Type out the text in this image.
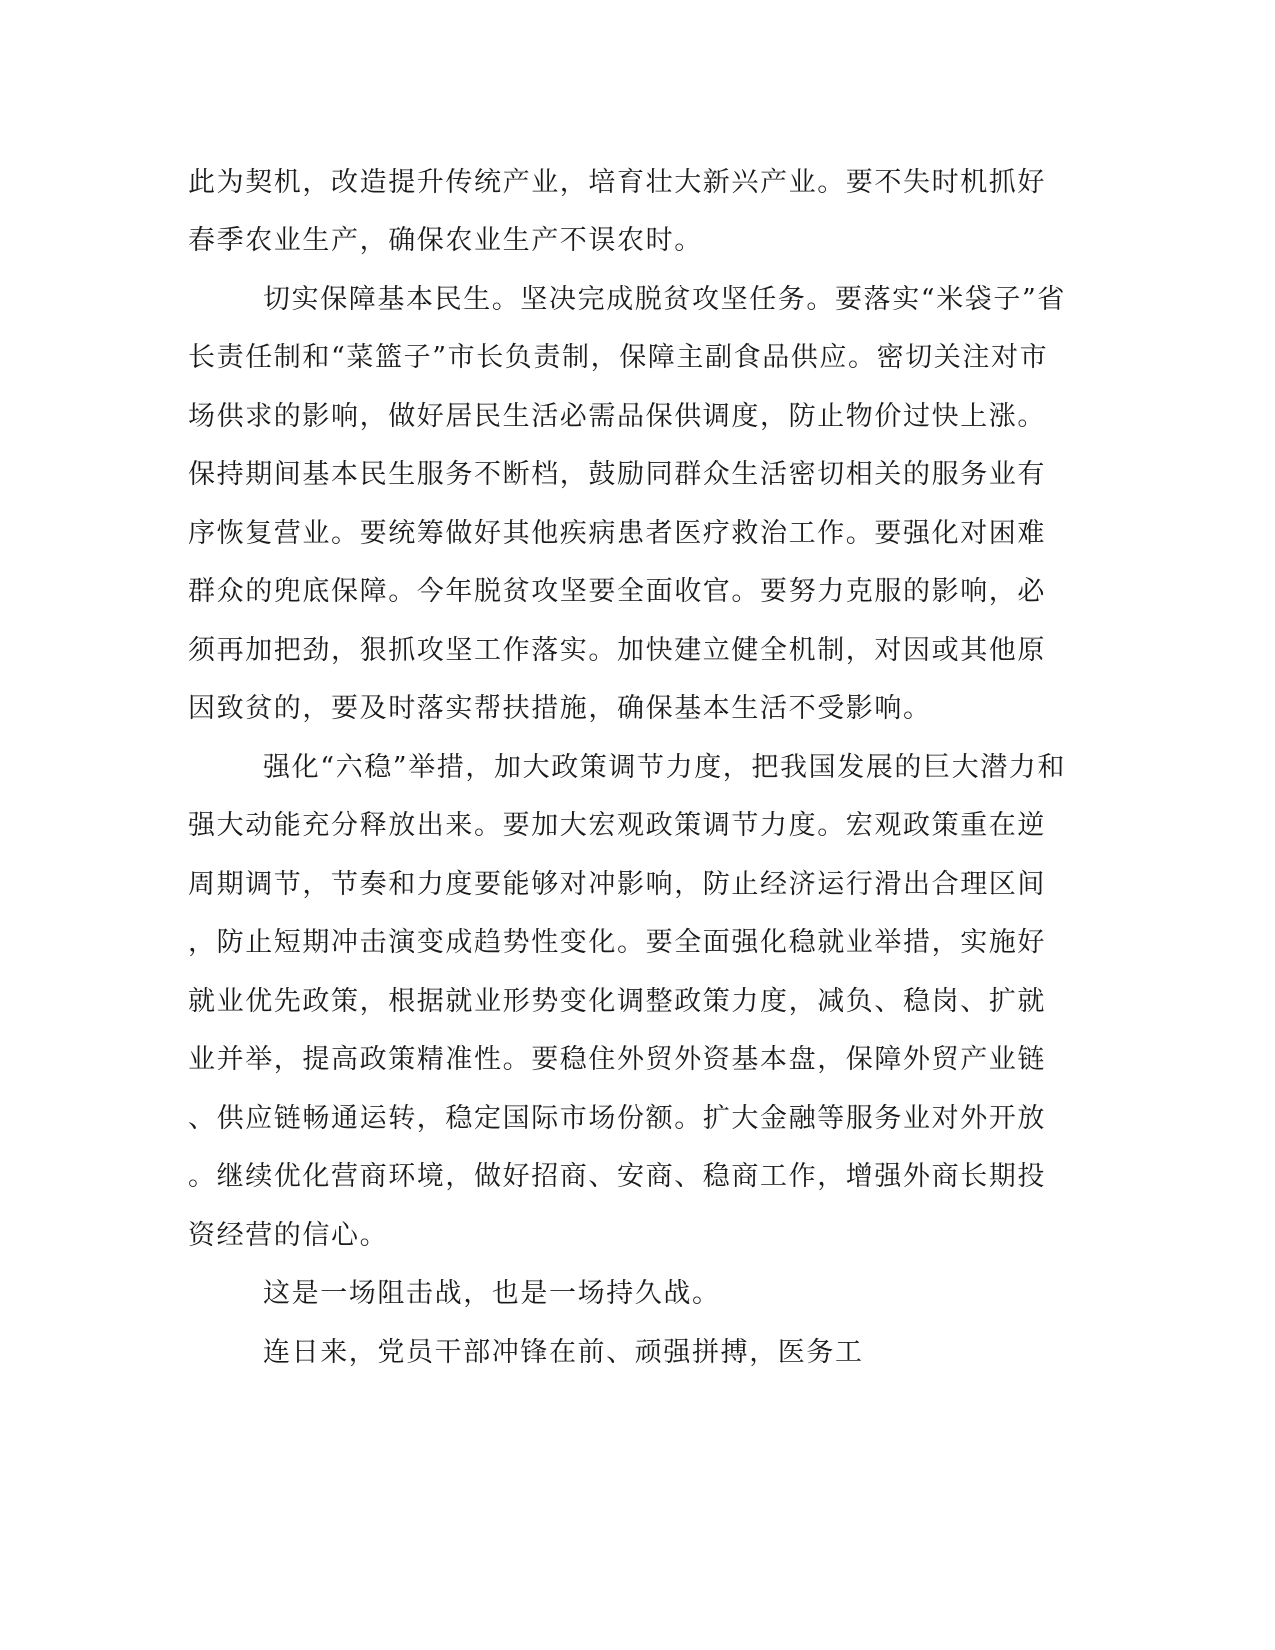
此为契机，改造提升传统产业，培育壮大新兴产业。要不失时机抓好
春季农业生产，确保农业生产不误农时。
切实保障基本民生。坚决完成脱贫攻坚任务。要落实“米袋子”省
长责任制和“菜篮子”市长负责制，保障主副食品供应。密切关注对市
场供求的影响，做好居民生活必需品保供调度，防止物价过快上涨。
保持期间基本民生服务不断档，鼓励同群众生活密切相关的服务业有
序恢复营业。要统筹做好其他疾病患者医疗救治工作。要强化对困难
群众的兜底保障。今年脱贫攻坚要全面收官。要努力克服的影响，必
须再加把劲，狠抓攻坚工作落实。加快建立健全机制，对因或其他原
因致贫的，要及时落实帮扶措施，确保基本生活不受影响。
强化“六稳”举措，加大政策调节力度，把我国发展的巨大潜力和
强大动能充分释放出来。要加大宏观政策调节力度。宏观政策重在逆
周期调节，节奏和力度要能够对冲影响，防止经济运行滑出合理区间
，防止短期冲击演变成趋势性变化。要全面强化稳就业举措，实施好
就业优先政策，根据就业形势变化调整政策力度，减负、稳岗、扩就
业并举，提高政策精准性。要稳住外贸外资基本盘，保障外贸产业链
、供应链畅通运转，稳定国际市场份额。扩大金融等服务业对外开放
。继续优化营商环境，做好招商、安商、稳商工作，增强外商长期投
资经营的信心。
这是一场阻击战，也是一场持久战。
连日来，党员干部冲锋在前、顽强拼搏，医务工
